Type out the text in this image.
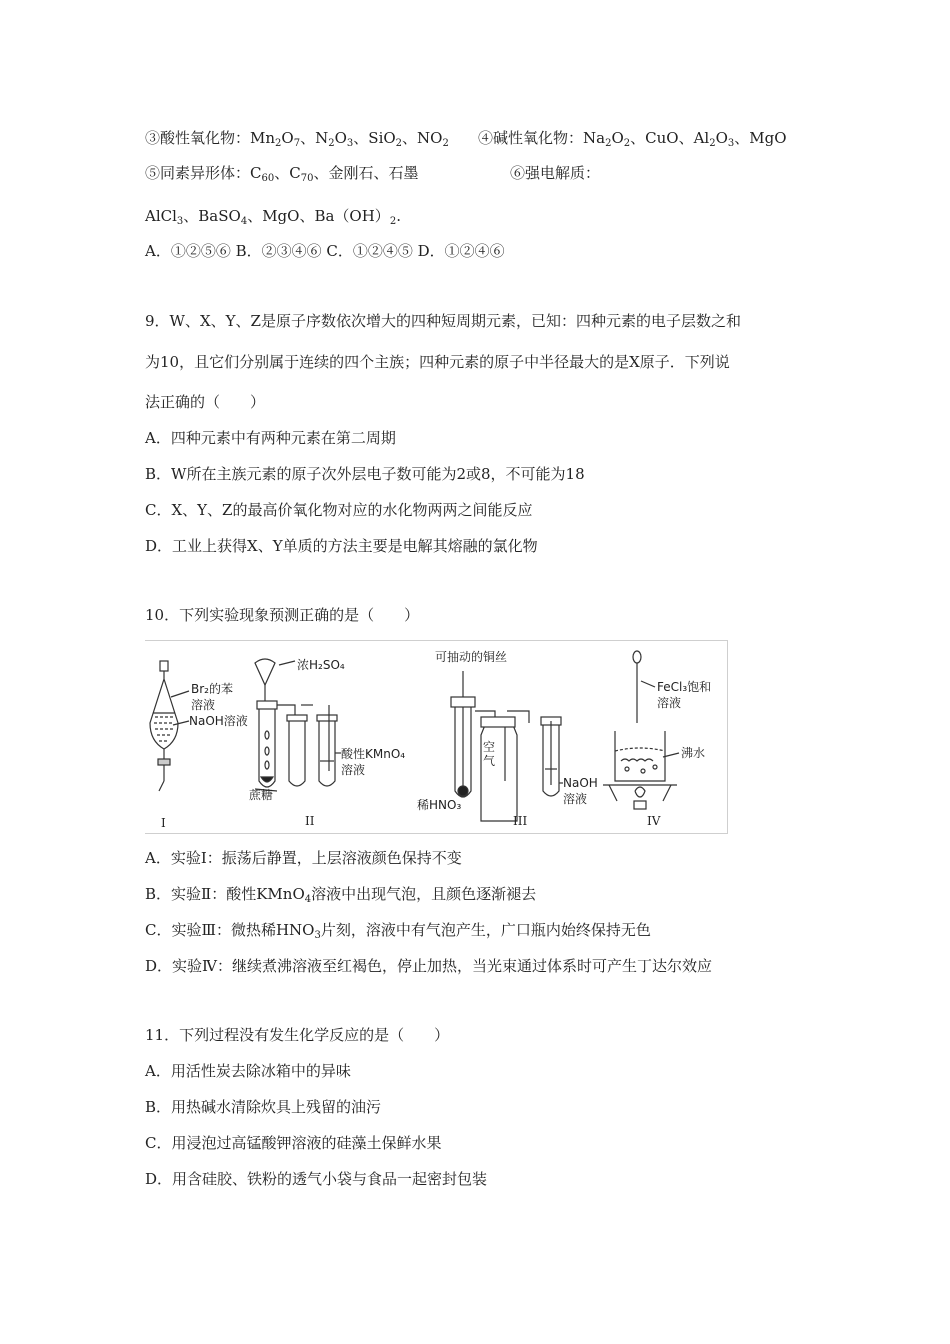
③酸性氧化物：$Mn_2O_7$、$N_2O_3$、SiO$_2$、$NO_2$ ④碱性氧化物：$Na_2O_2$、CuO、$Al_2O_3$、MgO
⑤同素异形体：$C_{60}$、$C_{70}$、金刚石、石墨	⑥强电解质：
AlCl$_3$、BaSO$_4$、MgO、$Ba(OH)_2$.
A．①②⑤⑥ B．②③④⑥ C．①②④⑤ D．①②④⑥
9．W、X、Y、Z是原子序数依次增大的四种短周期元素，已知：四种元素的电子层数之和
为10，且它们分别属于连续的四个主族；四种元素的原子中半径最大的是X原子．下列说
法正确的（　　）
A．四种元素中有两种元素在第二周期
B．W所在主族元素的原子次外层电子数可能为2或8，不可能为18
C．X、Y、Z的最高价氧化物对应的水化物两两之间能反应
D．工业上获得X、Y单质的方法主要是电解其熔融的氯化物
10．下列实验现象预测正确的是（　　）
Br₂的苯
溶液
NaOH溶液
浓H₂SO₄
蔗糖
酸性KMnO₄
溶液
可抽动的铜丝
空
气
稀HNO₃
NaOH
溶液
FeCl₃饱和
溶液
沸水
I	II	III	IV
A．实验Ⅰ：振荡后静置，上层溶液颜色保持不变
B．实验Ⅱ：酸性KMnO$_4$溶液中出现气泡，且颜色逐渐褪去
C．实验Ⅲ：微热稀$HNO_3$片刻，溶液中有气泡产生，广口瓶内始终保持无色
D．实验Ⅳ：继续煮沸溶液至红褐色，停止加热，当光束通过体系时可产生丁达尔效应
11．下列过程没有发生化学反应的是（　　）
A．用活性炭去除冰箱中的异味
B．用热碱水清除炊具上残留的油污
C．用浸泡过高锰酸钾溶液的硅藻土保鲜水果
D．用含硅胶、铁粉的透气小袋与食品一起密封包装
